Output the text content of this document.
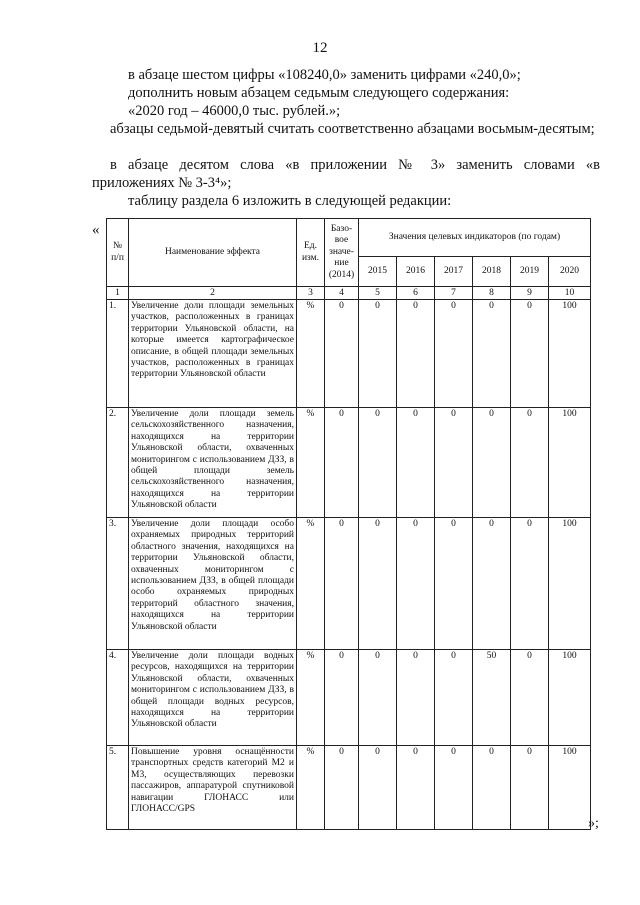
12
в абзаце шестом цифры «108240,0» заменить цифрами «240,0»;
дополнить новым абзацем седьмым следующего содержания:
«2020 год – 46000,0 тыс. рублей.»;
абзацы седьмой-девятый считать соответственно абзацами восьмым-десятым;
в абзаце десятом слова «в приложении № 3» заменить словами «в приложениях № 3-3⁴»;
таблицу раздела 6 изложить в следующей редакции:
«
№ п/п	Наименование эффекта	Ед. изм.	Базо-вое значе-ние (2014)	Значения целевых индикаторов (по годам)					
				2015	2016	2017	2018	2019	2020
1	2	3	4	5	6	7	8	9	10
1.	Увеличение доли площади земельных участков, расположенных в границах территории Ульяновской области, на которые имеется картографическое описание, в общей площади земельных участков, расположенных в границах территории Ульяновской области	%	0	0	0	0	0	0	100
2.	Увеличение доли площади земель сельскохозяйственного назначения, находящихся на территории Ульяновской области, охваченных мониторингом с использованием ДЗЗ, в общей площади земель сельскохозяйственного назначения, находящихся на территории Ульяновской области	%	0	0	0	0	0	0	100
3.	Увеличение доли площади особо охраняемых природных территорий областного значения, находящихся на территории Ульяновской области, охваченных мониторингом с использованием ДЗЗ, в общей площади особо охраняемых природных территорий областного значения, находящихся на территории Ульяновской области	%	0	0	0	0	0	0	100
4.	Увеличение доли площади водных ресурсов, находящихся на территории Ульяновской области, охваченных мониторингом с использованием ДЗЗ, в общей площади водных ресурсов, находящихся на территории Ульяновской области	%	0	0	0	0	50	0	100
5.	Повышение уровня оснащённости транспортных средств категорий М2 и М3, осуществляющих перевозки пассажиров, аппаратурой спутниковой навигации ГЛОНАСС или ГЛОНАСС/GPS	%	0	0	0	0	0	0	100
»;
